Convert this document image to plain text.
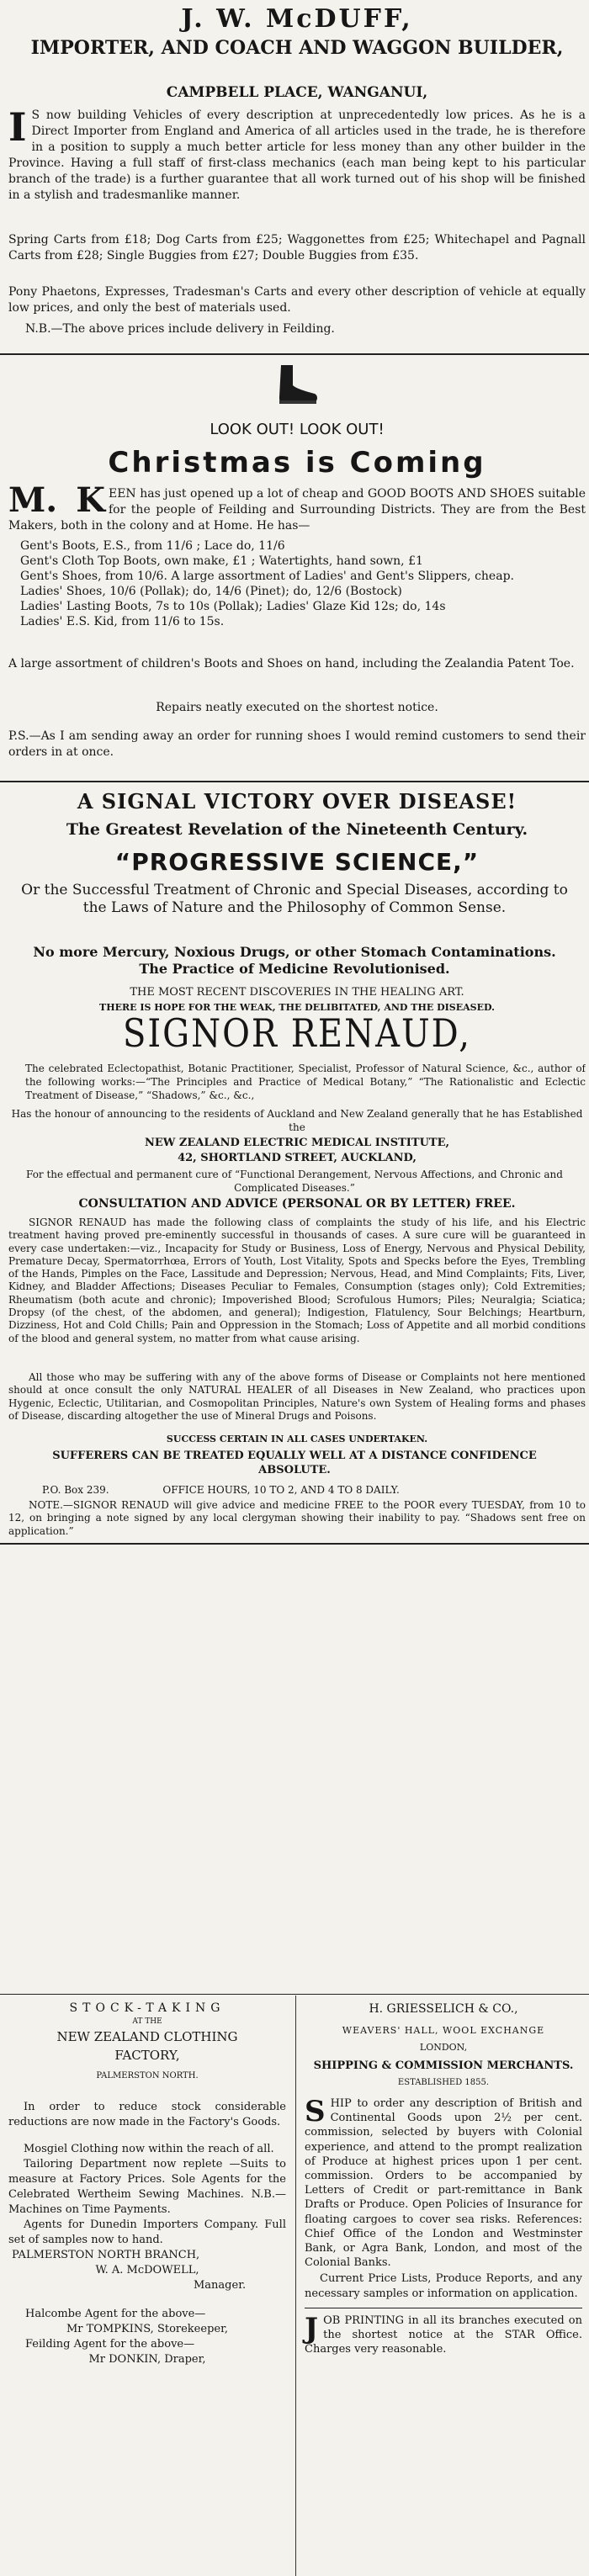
J. W. McDUFF,
IMPORTER, AND COACH AND WAGGON BUILDER,
CAMPBELL PLACE, WANGANUI,
I S now building Vehicles of every description at unprecedentedly low prices. As he is a Direct Importer from England and America of all articles used in the trade, he is therefore in a position to supply a much better article for less money than any other builder in the Province. Having a full staff of first-class mechanics (each man being kept to his particular branch of the trade) is a further guarantee that all work turned out of his shop will be finished in a stylish and tradesmanlike manner.
Spring Carts from £18; Dog Carts from £25; Waggonettes from £25; Whitechapel and Pagnall Carts from £28; Single Buggies from £27; Double Buggies from £35.
Pony Phaetons, Expresses, Tradesman's Carts and every other description of vehicle at equally low prices, and only the best of materials used.
N.B.—The above prices include delivery in Feilding.
LOOK OUT! LOOK OUT!
Christmas is Coming
M. K EEN has just opened up a lot of cheap and GOOD BOOTS AND SHOES suitable for the people of Feilding and Surrounding Districts. They are from the Best Makers, both in the colony and at Home. He has—

Gent's Boots, E.S., from 11/6 ; Lace do, 11/6

Gent's Cloth Top Boots, own make, £1 ; Watertights, hand sown, £1

Gent's Shoes, from 10/6. A large assortment of Ladies' and Gent's Slippers, cheap.

Ladies' Shoes, 10/6 (Pollak); do, 14/6 (Pinet); do, 12/6 (Bostock)

Ladies' Lasting Boots, 7s to 10s (Pollak); Ladies' Glaze Kid 12s; do, 14s

Ladies' E.S. Kid, from 11/6 to 15s.

A large assortment of children's Boots and Shoes on hand, including the Zealandia Patent Toe.
Repairs neatly executed on the shortest notice.
P.S.—As I am sending away an order for running shoes I would remind customers to send their orders in at once.
A SIGNAL VICTORY OVER DISEASE!
The Greatest Revelation of the Nineteenth Century.
“PROGRESSIVE SCIENCE,”
Or the Successful Treatment of Chronic and Special Diseases, according to the Laws of Nature and the Philosophy of Common Sense.
No more Mercury, Noxious Drugs, or other Stomach Contaminations. The Practice of Medicine Revolutionised.
THE MOST RECENT DISCOVERIES IN THE HEALING ART.
THERE IS HOPE FOR THE WEAK, THE DELIBITATED, AND THE DISEASED.
SIGNOR RENAUD,
The celebrated Eclectopathist, Botanic Practitioner, Specialist, Professor of Natural Science, &c., author of the following works:—“The Principles and Practice of Medical Botany,” “The Rationalistic and Eclectic Treatment of Disease,” “Shadows,” &c., &c.,
Has the honour of announcing to the residents of Auckland and New Zealand generally that he has Established the
NEW ZEALAND ELECTRIC MEDICAL INSTITUTE,
42, SHORTLAND STREET, AUCKLAND,
For the effectual and permanent cure of “Functional Derangement, Nervous Affections, and Chronic and Complicated Diseases.”
CONSULTATION AND ADVICE (PERSONAL OR BY LETTER) FREE.
SIGNOR RENAUD has made the following class of complaints the study of his life, and his Electric treatment having proved pre-eminently successful in thousands of cases. A sure cure will be guaranteed in every case undertaken:—viz., Incapacity for Study or Business, Loss of Energy, Nervous and Physical Debility, Premature Decay, Spermatorrhœa, Errors of Youth, Lost Vitality, Spots and Specks before the Eyes, Trembling of the Hands, Pimples on the Face, Lassitude and Depression; Nervous, Head, and Mind Complaints; Fits, Liver, Kidney, and Bladder Affections; Diseases Peculiar to Females, Consumption (stages only); Cold Extremities; Rheumatism (both acute and chronic); Impoverished Blood; Scrofulous Humors; Piles; Neuralgia; Sciatica; Dropsy (of the chest, of the abdomen, and general); Indigestion, Flatulency, Sour Belchings; Heartburn, Dizziness, Hot and Cold Chills; Pain and Oppression in the Stomach; Loss of Appetite and all morbid conditions of the blood and general system, no matter from what cause arising.
All those who may be suffering with any of the above forms of Disease or Complaints not here mentioned should at once consult the only NATURAL HEALER of all Diseases in New Zealand, who practices upon Hygenic, Eclectic, Utilitarian, and Cosmopolitan Principles, Nature's own System of Healing forms and phases of Disease, discarding altogether the use of Mineral Drugs and Poisons.
SUCCESS CERTAIN IN ALL CASES UNDERTAKEN.
SUFFERERS CAN BE TREATED EQUALLY WELL AT A DISTANCE CONFIDENCE ABSOLUTE.
P.O. Box 239.	OFFICE HOURS, 10 TO 2, AND 4 TO 8 DAILY.
NOTE.—SIGNOR RENAUD will give advice and medicine FREE to the POOR every TUESDAY, from 10 to 12, on bringing a note signed by any local clergyman showing their inability to pay. “Shadows sent free on application.”
STOCK-TAKING
AT THE
NEW ZEALAND CLOTHING FACTORY,
PALMERSTON NORTH.
In order to reduce stock considerable reductions are now made in the Factory's Goods.
Mosgiel Clothing now within the reach of all.
Tailoring Department now replete —Suits to measure at Factory Prices. Sole Agents for the Celebrated Wertheim Sewing Machines. N.B.— Machines on Time Payments.
Agents for Dunedin Importers Company. Full set of samples now to hand.
PALMERSTON NORTH BRANCH,
W. A. McDOWELL,
Manager.
Halcombe Agent for the above—
Mr TOMPKINS, Storekeeper,
Feilding Agent for the above—
Mr DONKIN, Draper,
H. GRIESSELICH & CO.,
WEAVERS' HALL, WOOL EXCHANGE
LONDON,
SHIPPING & COMMISSION MERCHANTS.
ESTABLISHED 1855.
SHIP to order any description of British and Continental Goods upon 2½ per cent. commission, selected by buyers with Colonial experience, and attend to the prompt realization of Produce at highest prices upon 1 per cent. commission. Orders to be accompanied by Letters of Credit or part-remittance in Bank Drafts or Produce. Open Policies of Insurance for floating cargoes to cover sea risks. References: Chief Office of the London and Westminster Bank, or Agra Bank, London, and most of the Colonial Banks.
Current Price Lists, Produce Reports, and any necessary samples or information on application.
JOB PRINTING in all its branches executed on the shortest notice at the STAR Office. Charges very reasonable.
